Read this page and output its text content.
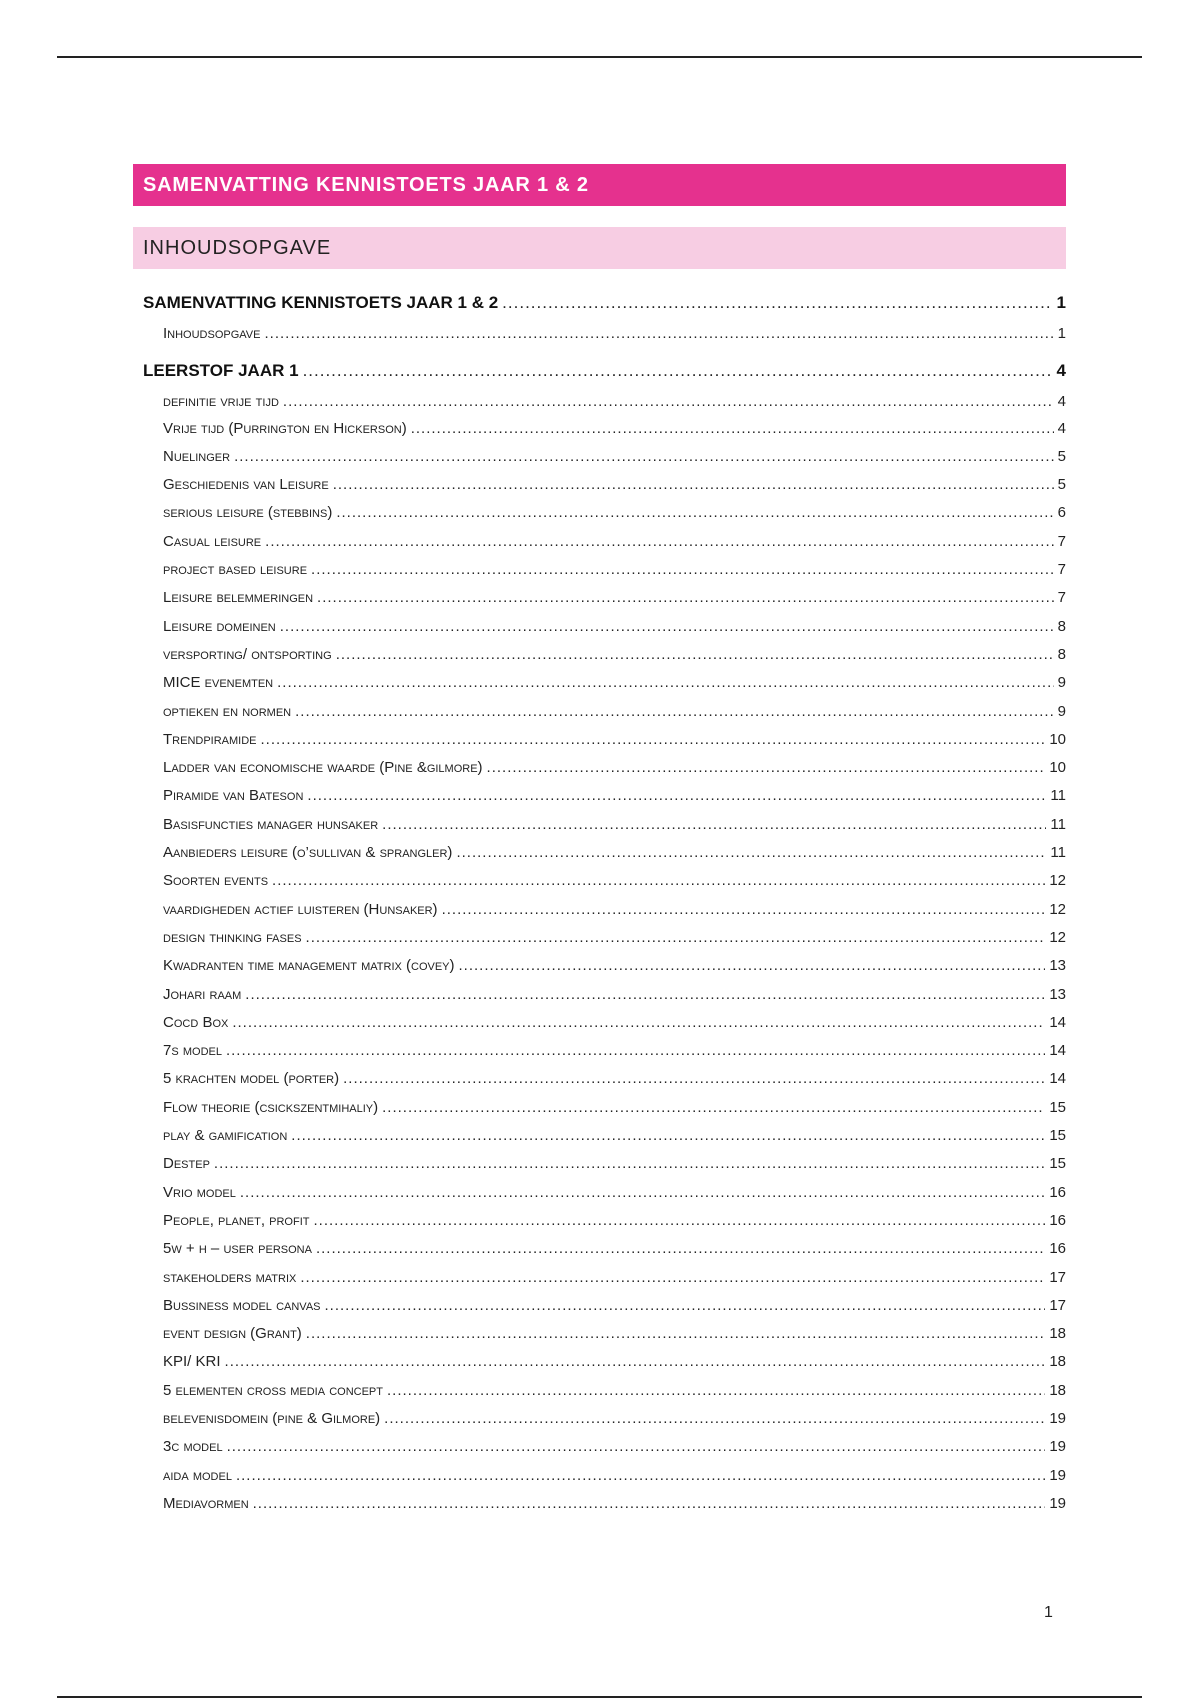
SAMENVATTING KENNISTOETS JAAR 1 & 2
INHOUDSOPGAVE
SAMENVATTING KENNISTOETS JAAR 1 & 2 .....	1
Inhoudsopgave .....	1
LEERSTOF JAAR 1 .....	4
definitie vrije tijd .....	4
Vrije tijd (Purrington en Hickerson) .....	4
Nuelinger .....	5
Geschiedenis van Leisure .....	5
serious leisure (stebbins) .....	6
Casual leisure .....	7
project based leisure .....	7
Leisure belemmeringen .....	7
Leisure domeinen .....	8
versporting/ ontsporting .....	8
MICE evenemten .....	9
optieken en normen .....	9
Trendpiramide .....	10
Ladder van economische waarde (Pine &gilmore) .....	10
Piramide van Bateson .....	11
Basisfuncties manager hunsaker .....	11
Aanbieders leisure (o’sullivan & sprangler) .....	11
Soorten events .....	12
vaardigheden actief luisteren (Hunsaker) .....	12
design thinking fases .....	12
Kwadranten time management matrix (covey) .....	13
Johari raam .....	13
Cocd Box .....	14
7s model .....	14
5 krachten model (porter) .....	14
Flow theorie (csickszentmihaliy) .....	15
play & gamification .....	15
Destep .....	15
Vrio model .....	16
People, planet, profit .....	16
5w + h – user persona .....	16
stakeholders matrix .....	17
Bussiness model canvas .....	17
event design (Grant) .....	18
KPI/ KRI .....	18
5 elementen cross media concept .....	18
belevenisdomein (pine & Gilmore) .....	19
3c model .....	19
aida model .....	19
Mediavormen .....	19
1
